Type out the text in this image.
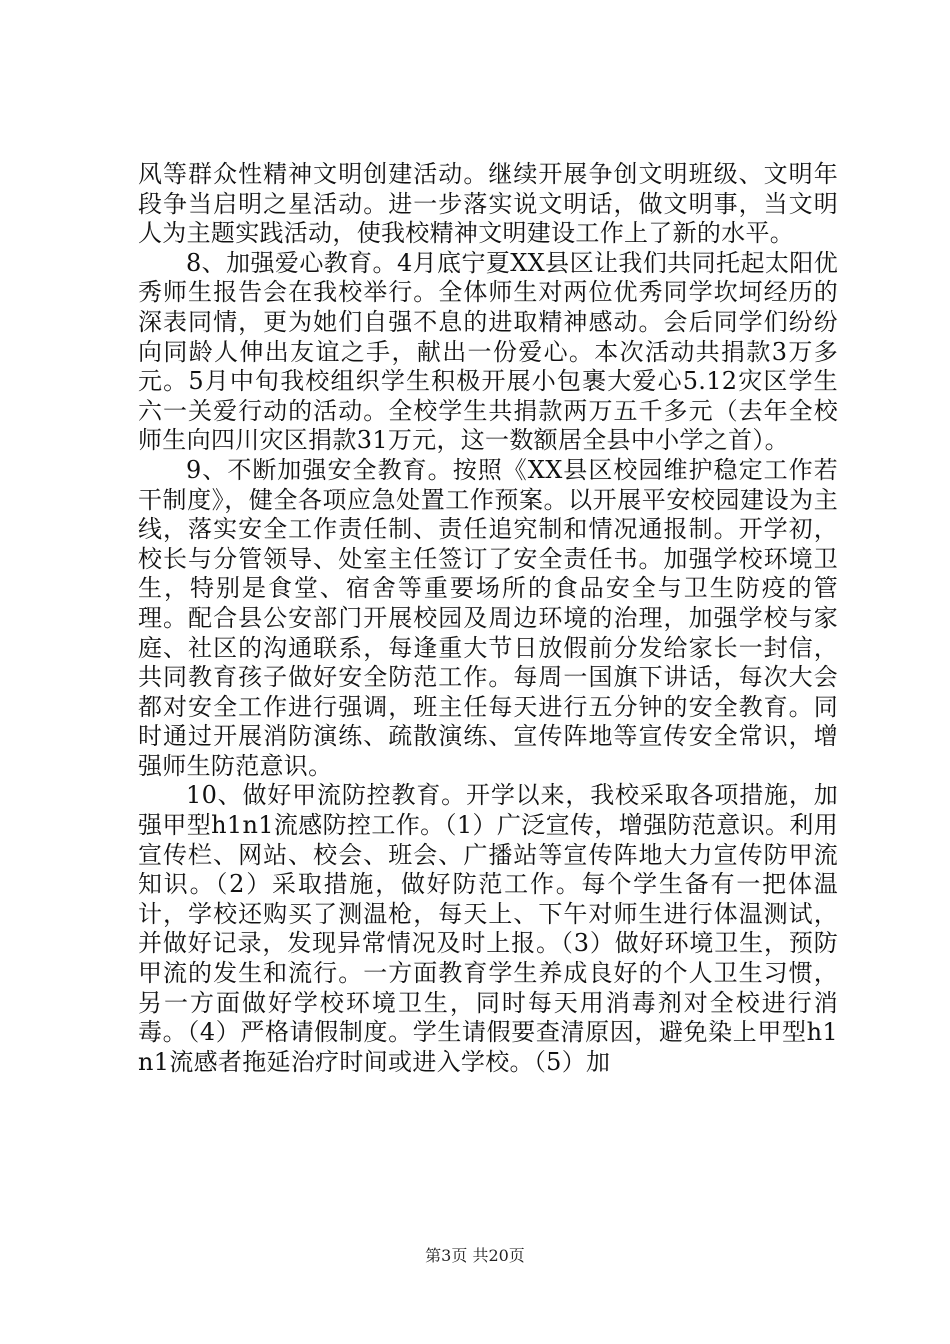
风等群众性精神文明创建活动。继续开展争创文明班级、文明年段争当启明之星活动。进一步落实说文明话，做文明事，当文明人为主题实践活动，使我校精神文明建设工作上了新的水平。

8、加强爱心教育。4月底宁夏XX县区让我们共同托起太阳优秀师生报告会在我校举行。全体师生对两位优秀同学坎坷经历的深表同情，更为她们自强不息的进取精神感动。会后同学们纷纷向同龄人伸出友谊之手，献出一份爱心。本次活动共捐款3万多元。5月中旬我校组织学生积极开展小包裹大爱心5.12灾区学生六一关爱行动的活动。全校学生共捐款两万五千多元（去年全校师生向四川灾区捐款31万元，这一数额居全县中小学之首）。

9、不断加强安全教育。按照《XX县区校园维护稳定工作若干制度》，健全各项应急处置工作预案。以开展平安校园建设为主线，落实安全工作责任制、责任追究制和情况通报制。开学初，校长与分管领导、处室主任签订了安全责任书。加强学校环境卫生，特别是食堂、宿舍等重要场所的食品安全与卫生防疫的管理。配合县公安部门开展校园及周边环境的治理，加强学校与家庭、社区的沟通联系，每逢重大节日放假前分发给家长一封信，共同教育孩子做好安全防范工作。每周一国旗下讲话，每次大会都对安全工作进行强调，班主任每天进行五分钟的安全教育。同时通过开展消防演练、疏散演练、宣传阵地等宣传安全常识，增强师生防范意识。

10、做好甲流防控教育。开学以来，我校采取各项措施，加强甲型h1n1流感防控工作。（1）广泛宣传，增强防范意识。利用宣传栏、网站、校会、班会、广播站等宣传阵地大力宣传防甲流知识。（2）采取措施，做好防范工作。每个学生备有一把体温计，学校还购买了测温枪，每天上、下午对师生进行体温测试，并做好记录，发现异常情况及时上报。（3）做好环境卫生，预防甲流的发生和流行。一方面教育学生养成良好的个人卫生习惯，另一方面做好学校环境卫生，同时每天用消毒剂对全校进行消毒。（4）严格请假制度。学生请假要查清原因，避免染上甲型h1n1流感者拖延治疗时间或进入学校。（5）加

第3页 共20页
